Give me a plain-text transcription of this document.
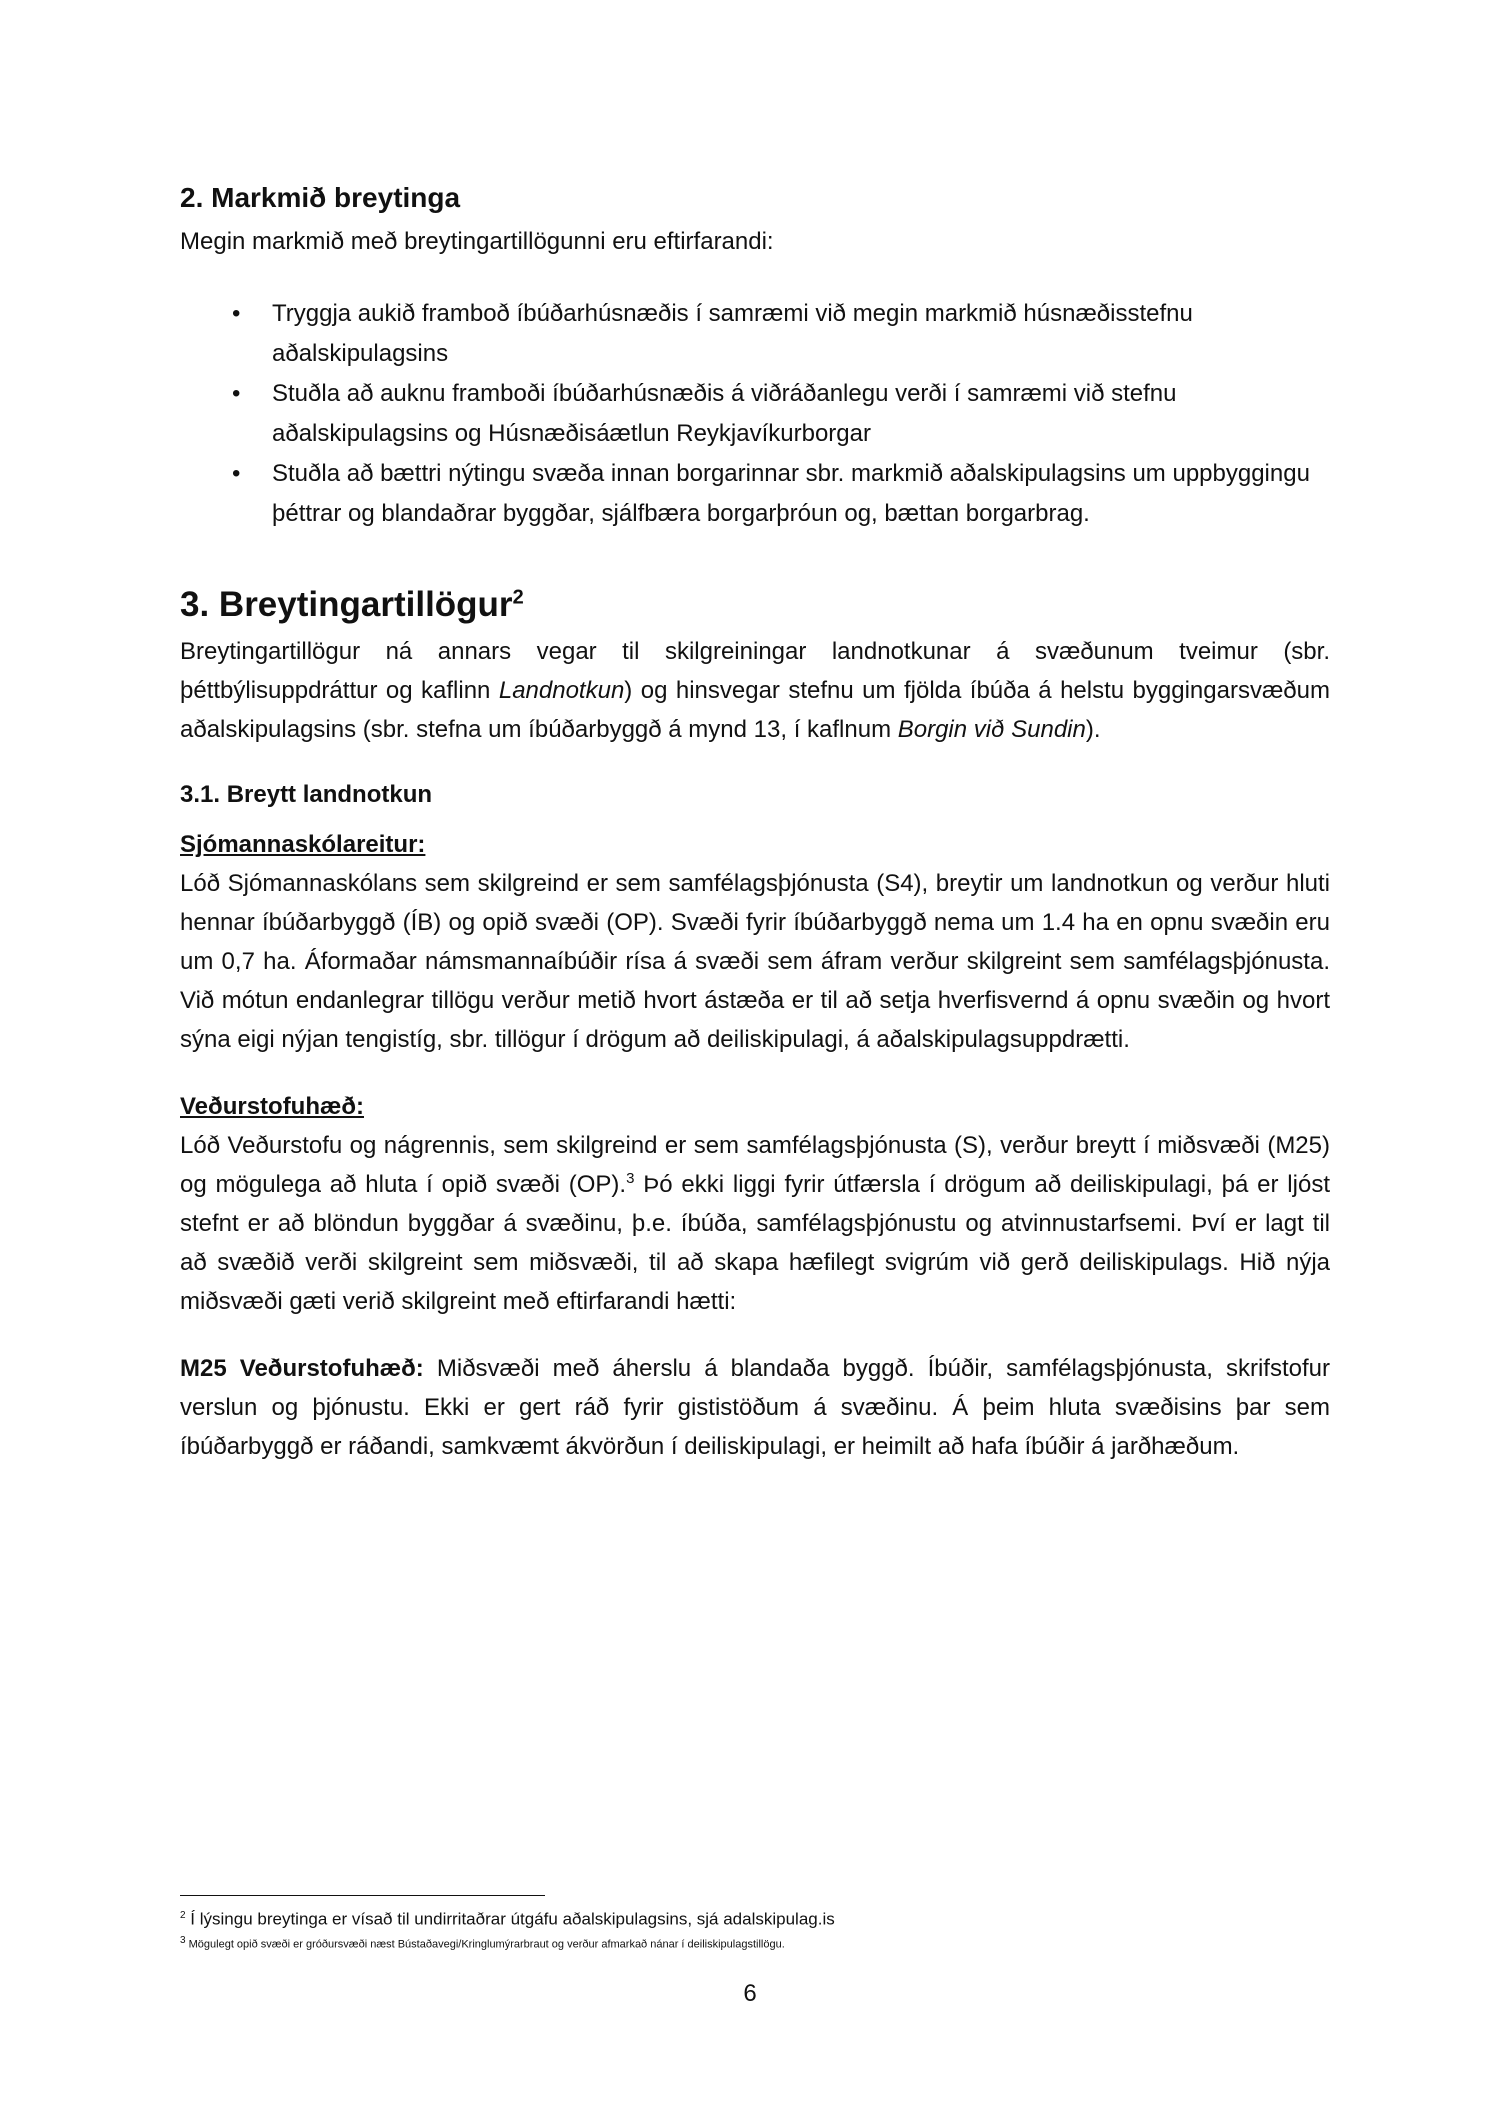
2. Markmið breytinga

Megin markmið með breytingartillögunni eru eftirfarandi:

• Tryggja aukið framboð íbúðarhúsnæðis í samræmi við megin markmið húsnæðisstefnu aðalskipulagsins
• Stuðla að auknu framboði íbúðarhúsnæðis á viðráðanlegu verði í samræmi við stefnu aðalskipulagsins og Húsnæðisáætlun Reykjavíkurborgar
• Stuðla að bættri nýtingu svæða innan borgarinnar sbr. markmið aðalskipulagsins um uppbyggingu þéttrar og blandaðrar byggðar, sjálfbæra borgarþróun og, bættan borgarbrag.
3. Breytingartillögur$^2$

Breytingartillögur ná annars vegar til skilgreiningar landnotkunar á svæðunum tveimur (sbr. þéttbýlisuppdráttur og kaflinn Landnotkun) og hinsvegar stefnu um fjölda íbúða á helstu byggingarsvæðum aðalskipulagsins (sbr. stefna um íbúðarbyggð á mynd 13, í kaflnum Borgin við Sundin).

3.1. Breytt landnotkun

Sjómannaskólareitur:

Lóð Sjómannaskólans sem skilgreind er sem samfélagsþjónusta (S4), breytir um landnotkun og verður hluti hennar íbúðarbyggð (ÍB) og opið svæði (OP). Svæði fyrir íbúðarbyggð nema um 1.4 ha en opnu svæðin eru um 0,7 ha. Áformaðar námsmannaíbúðir rísa á svæði sem áfram verður skilgreint sem samfélagsþjónusta. Við mótun endanlegrar tillögu verður metið hvort ástæða er til að setja hverfisvernd á opnu svæðin og hvort sýna eigi nýjan tengistíg, sbr. tillögur í drögum að deiliskipulagi, á aðalskipulagsuppdrætti.

Veðurstofuhæð:

Lóð Veðurstofu og nágrennis, sem skilgreind er sem samfélagsþjónusta (S), verður breytt í miðsvæði (M25) og mögulega að hluta í opið svæði (OP).$^3$ Þó ekki liggi fyrir útfærsla í drögum að deiliskipulagi, þá er ljóst stefnt er að blöndun byggðar á svæðinu, þ.e. íbúða, samfélagsþjónustu og atvinnustarfsemi. Því er lagt til að svæðið verði skilgreint sem miðsvæði, til að skapa hæfilegt svigrúm við gerð deiliskipulags. Hið nýja miðsvæði gæti verið skilgreint með eftirfarandi hætti:

M25 Veðurstofuhæð: Miðsvæði með áherslu á blandaða byggð. Íbúðir, samfélagsþjónusta, skrifstofur verslun og þjónustu. Ekki er gert ráð fyrir gististöðum á svæðinu. Á þeim hluta svæðisins þar sem íbúðarbyggð er ráðandi, samkvæmt ákvörðun í deiliskipulagi, er heimilt að hafa íbúðir á jarðhæðum.

$^2$ Í lýsingu breytinga er vísað til undirritaðrar útgáfu aðalskipulagsins, sjá adalskipulag.is

$^3$ Mögulegt opið svæði er gróðursvæði næst Bústaðavegi/Kringlumýrarbraut og verður afmarkað nánar í deiliskipulagstillögu.

6
